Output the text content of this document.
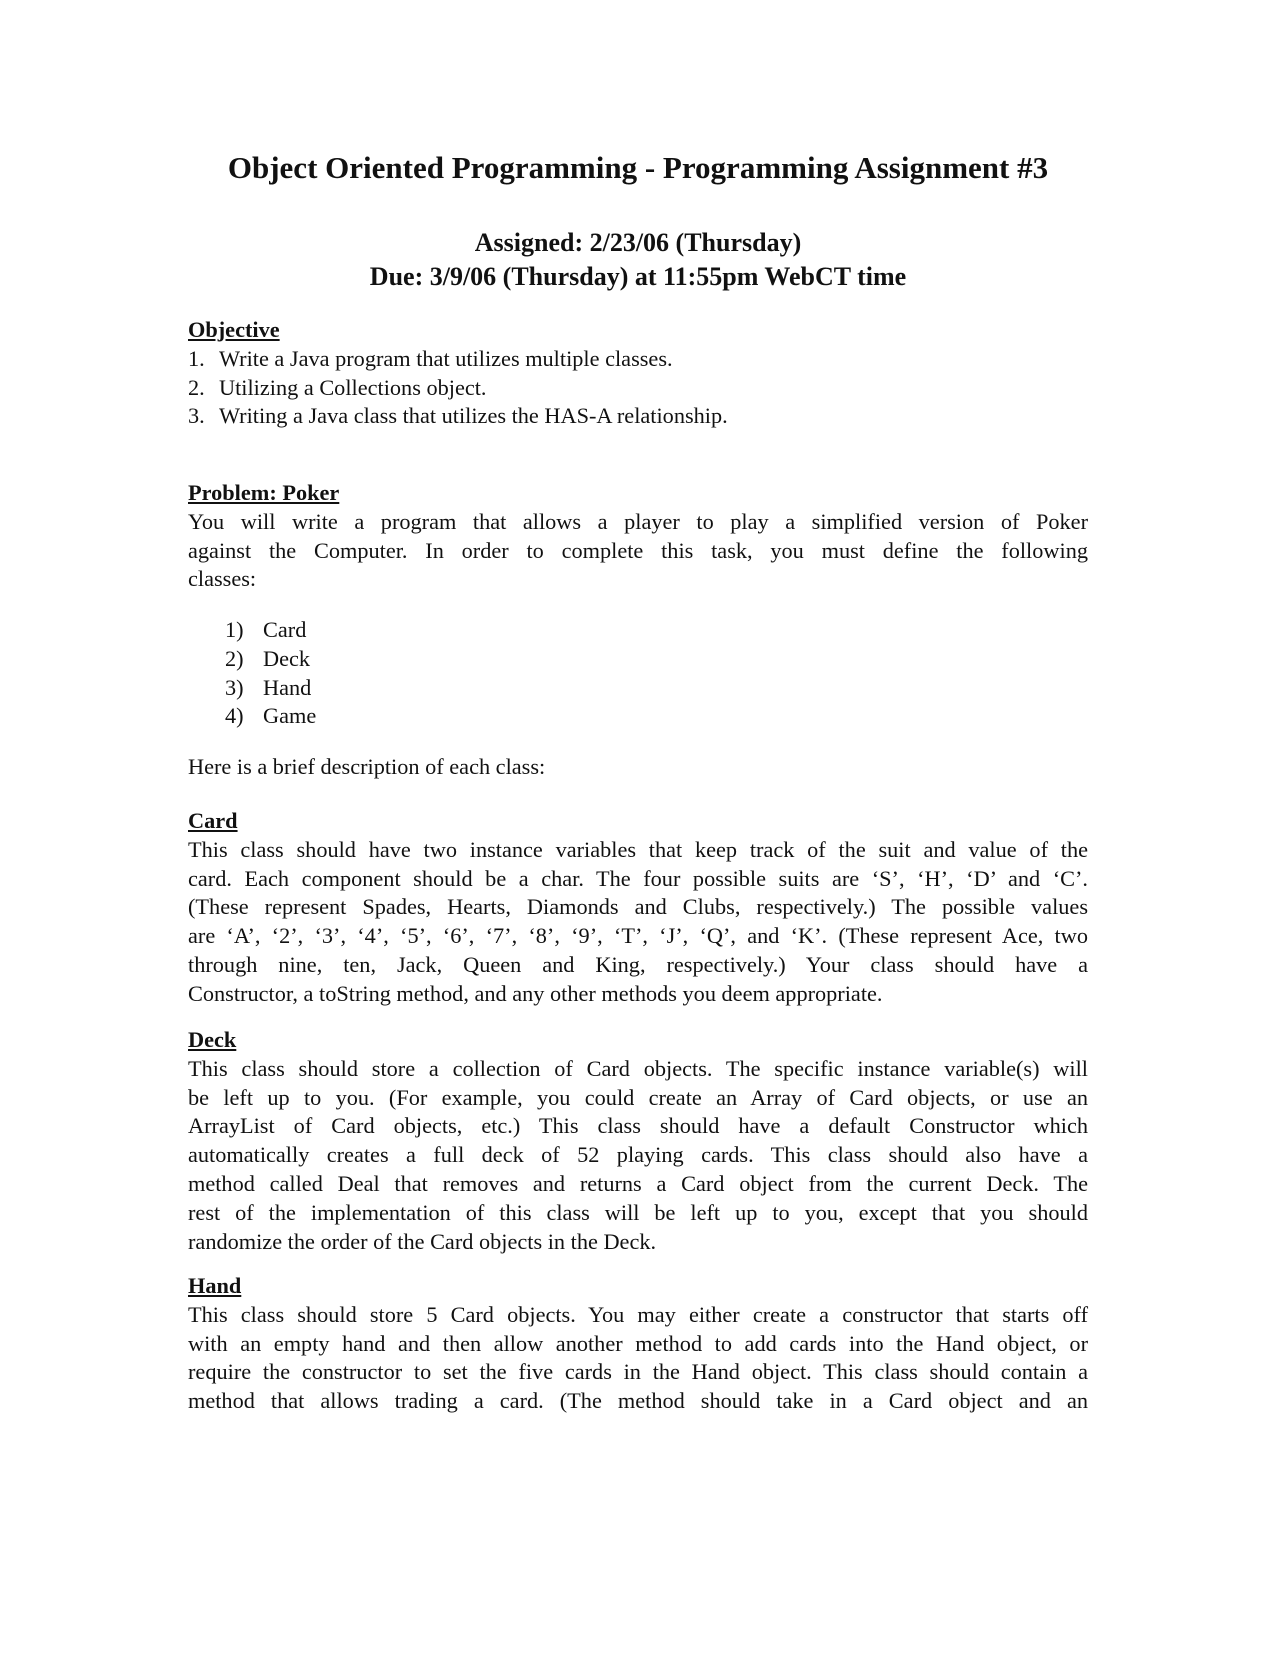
Object Oriented Programming - Programming Assignment #3
Assigned: 2/23/06 (Thursday)
Due: 3/9/06 (Thursday) at 11:55pm WebCT time
Objective
1. Write a Java program that utilizes multiple classes.
2. Utilizing a Collections object.
3. Writing a Java class that utilizes the HAS-A relationship.
Problem: Poker
You will write a program that allows a player to play a simplified version of Poker
against the Computer. In order to complete this task, you must define the following
classes:
1) Card
2) Deck
3) Hand
4) Game
Here is a brief description of each class:
Card
This class should have two instance variables that keep track of the suit and value of the
card. Each component should be a char. The four possible suits are ‘S’, ‘H’, ‘D’ and ‘C’.
(These represent Spades, Hearts, Diamonds and Clubs, respectively.) The possible values
are ‘A’, ‘2’, ‘3’, ‘4’, ‘5’, ‘6’, ‘7’, ‘8’, ‘9’, ‘T’, ‘J’, ‘Q’, and ‘K’. (These represent Ace, two
through nine, ten, Jack, Queen and King, respectively.) Your class should have a
Constructor, a toString method, and any other methods you deem appropriate.
Deck
This class should store a collection of Card objects. The specific instance variable(s) will
be left up to you. (For example, you could create an Array of Card objects, or use an
ArrayList of Card objects, etc.) This class should have a default Constructor which
automatically creates a full deck of 52 playing cards. This class should also have a
method called Deal that removes and returns a Card object from the current Deck. The
rest of the implementation of this class will be left up to you, except that you should
randomize the order of the Card objects in the Deck.
Hand
This class should store 5 Card objects. You may either create a constructor that starts off
with an empty hand and then allow another method to add cards into the Hand object, or
require the constructor to set the five cards in the Hand object. This class should contain a
method that allows trading a card. (The method should take in a Card object and an
